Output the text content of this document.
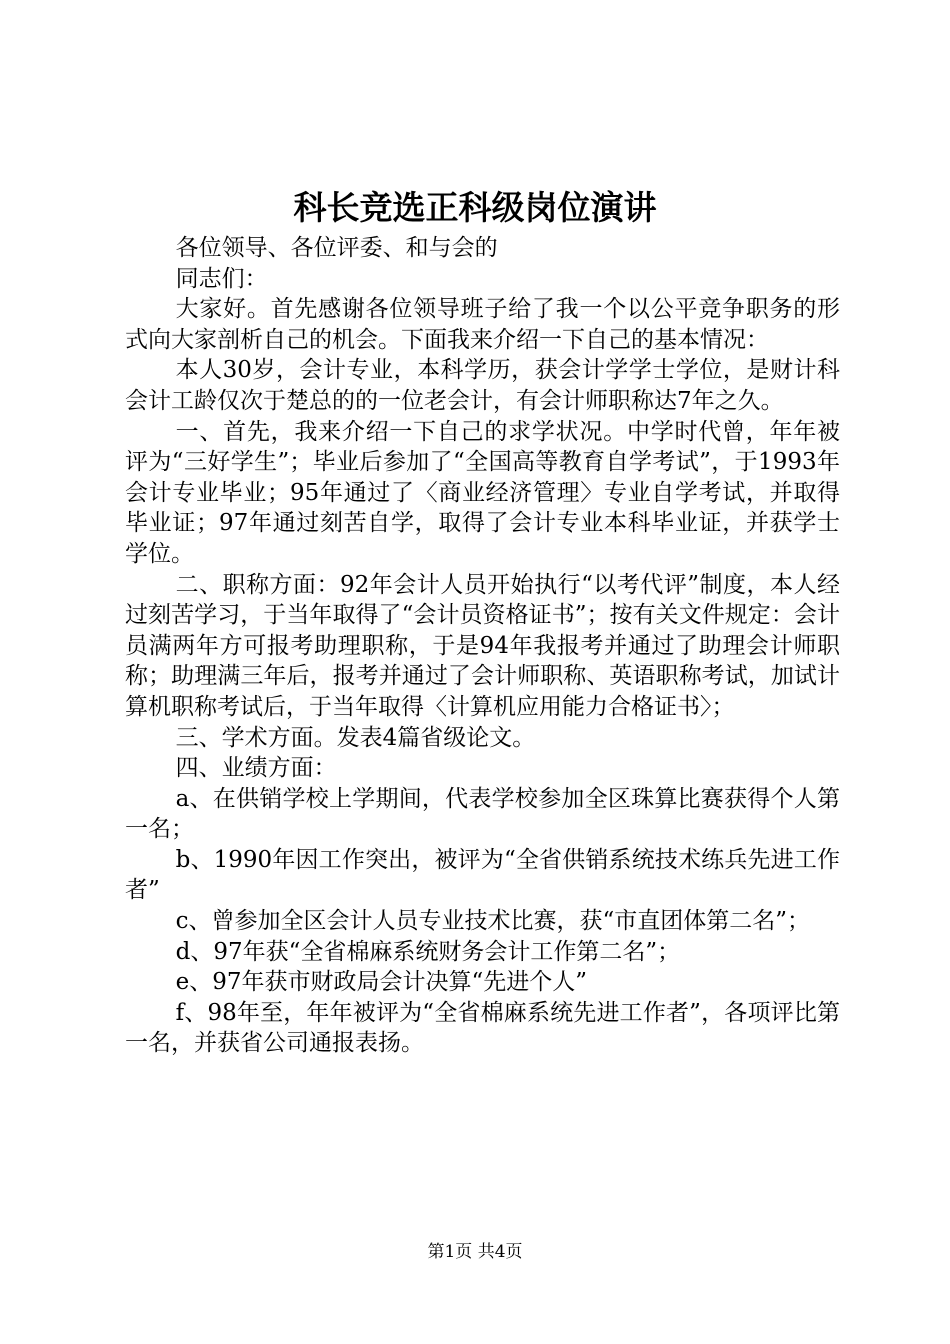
科长竞选正科级岗位演讲

各位领导、各位评委、和与会的

同志们：

大家好。首先感谢各位领导班子给了我一个以公平竞争职务的形式向大家剖析自己的机会。下面我来介绍一下自己的基本情况：

本人30岁，会计专业，本科学历，获会计学学士学位，是财计科会计工龄仅次于楚总的的一位老会计，有会计师职称达7年之久。

一、首先，我来介绍一下自己的求学状况。中学时代曾，年年被评为“三好学生”；毕业后参加了“全国高等教育自学考试”，于1993年会计专业毕业；95年通过了〈商业经济管理〉专业自学考试，并取得毕业证；97年通过刻苦自学，取得了会计专业本科毕业证，并获学士学位。

二、职称方面：92年会计人员开始执行“以考代评”制度，本人经过刻苦学习，于当年取得了“会计员资格证书”；按有关文件规定：会计员满两年方可报考助理职称，于是94年我报考并通过了助理会计师职称；助理满三年后，报考并通过了会计师职称、英语职称考试，加试计算机职称考试后，于当年取得〈计算机应用能力合格证书〉；

三、学术方面。发表4篇省级论文。

四、业绩方面：

a、在供销学校上学期间，代表学校参加全区珠算比赛获得个人第一名；

b、1990年因工作突出，被评为“全省供销系统技术练兵先进工作者”

c、曾参加全区会计人员专业技术比赛，获“市直团体第二名”；

d、97年获“全省棉麻系统财务会计工作第二名”；

e、97年获市财政局会计决算“先进个人”

f、98年至，年年被评为“全省棉麻系统先进工作者”，各项评比第一名，并获省公司通报表扬。

第1页 共4页
